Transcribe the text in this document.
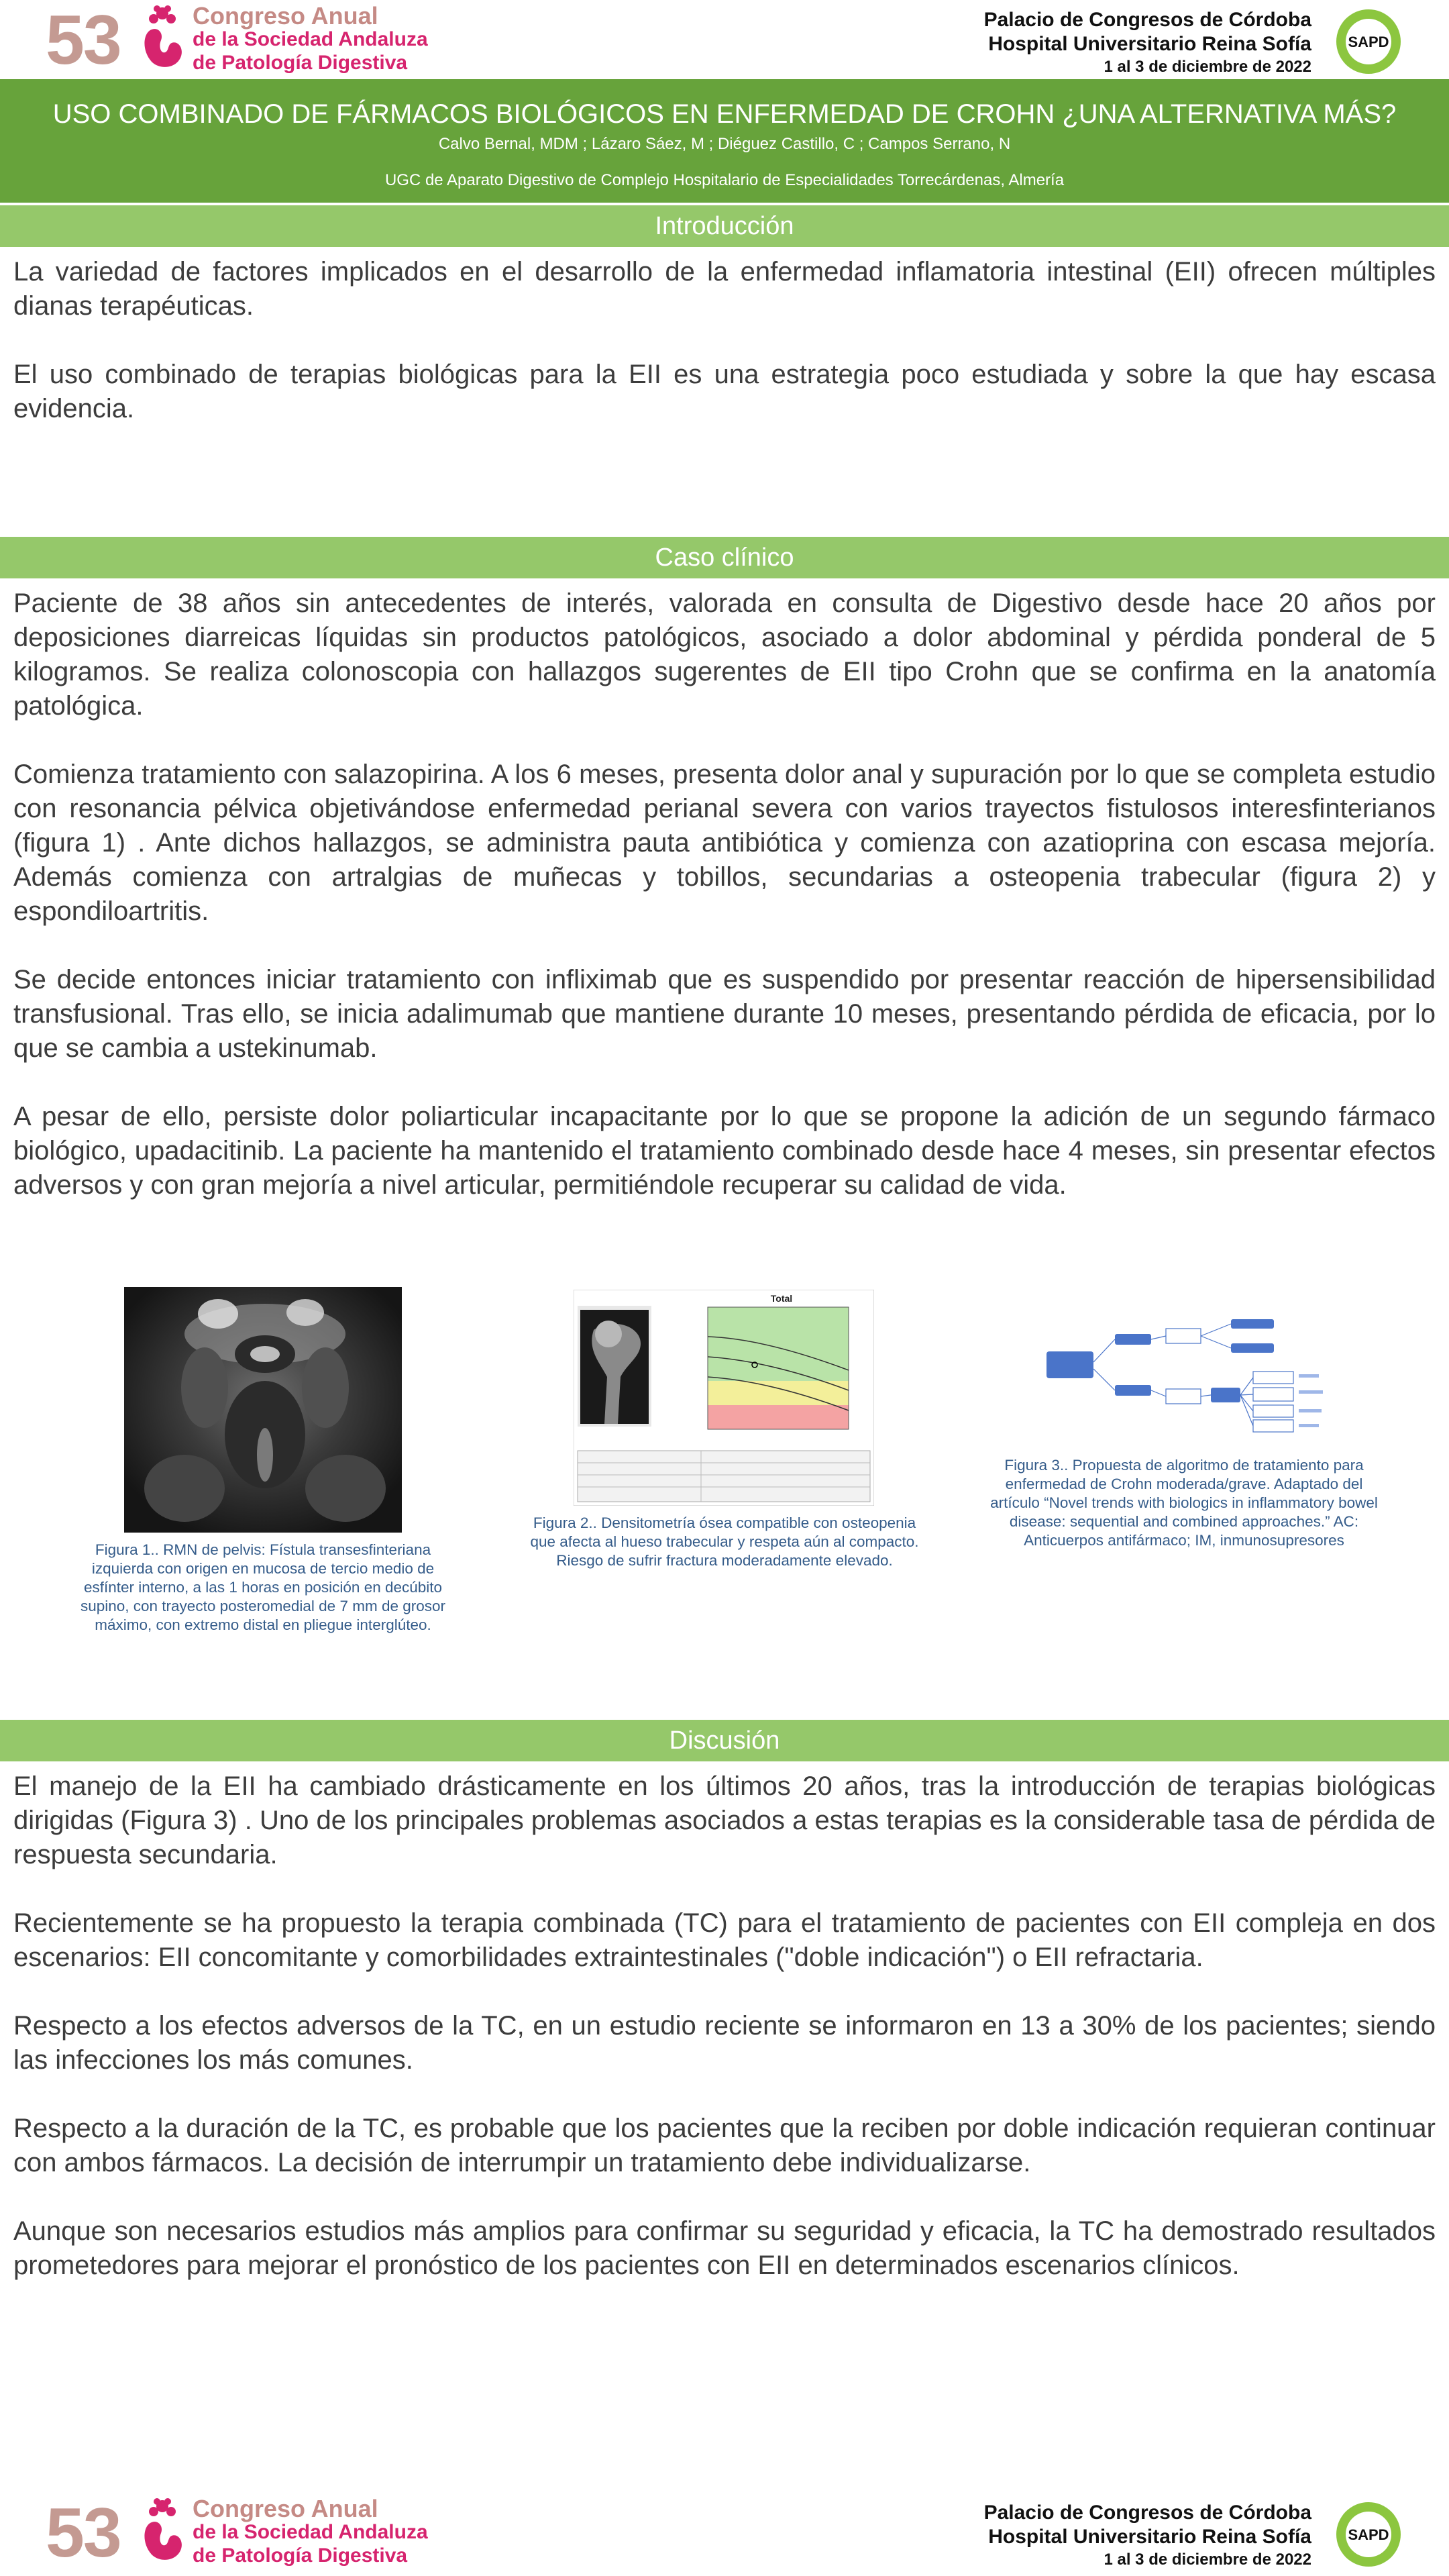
53	Congreso Anual
de la Sociedad Andaluza
de Patología Digestiva
Palacio de Congresos de Córdoba
Hospital Universitario Reina Sofía
1 al 3 de diciembre de 2022
SAPD
USO COMBINADO DE FÁRMACOS BIOLÓGICOS EN ENFERMEDAD DE CROHN ¿UNA ALTERNATIVA MÁS?
Calvo Bernal, MDM ; Lázaro Sáez, M ; Diéguez Castillo, C ; Campos Serrano, N
UGC de Aparato Digestivo de Complejo Hospitalario de Especialidades Torrecárdenas, Almería
Introducción

La variedad de factores implicados en el desarrollo de la enfermedad inflamatoria intestinal (EII) ofrecen múltiples dianas terapéuticas.

El uso combinado de terapias biológicas para la EII es una estrategia poco estudiada y sobre la que hay escasa evidencia.

Caso clínico

Paciente de 38 años sin antecedentes de interés, valorada en consulta de Digestivo desde hace 20 años por deposiciones diarreicas líquidas sin productos patológicos, asociado a dolor abdominal y pérdida ponderal de 5 kilogramos. Se realiza colonoscopia con hallazgos sugerentes de EII tipo Crohn que se confirma en la anatomía patológica.

Comienza tratamiento con salazopirina. A los 6 meses, presenta dolor anal y supuración por lo que se completa estudio con resonancia pélvica objetivándose enfermedad perianal severa con varios trayectos fistulosos interesfinterianos (figura 1) . Ante dichos hallazgos, se administra pauta antibiótica y comienza con azatioprina con escasa mejoría. Además comienza con artralgias de muñecas y tobillos, secundarias a osteopenia trabecular (figura 2) y espondiloartritis.

Se decide entonces iniciar tratamiento con infliximab que es suspendido por presentar reacción de hipersensibilidad transfusional. Tras ello, se inicia adalimumab que mantiene durante 10 meses, presentando pérdida de eficacia, por lo que se cambia a ustekinumab.

A pesar de ello, persiste dolor poliarticular incapacitante por lo que se propone la adición de un segundo fármaco biológico, upadacitinib. La paciente ha mantenido el tratamiento combinado desde hace 4 meses, sin presentar efectos adversos y con gran mejoría a nivel articular, permitiéndole recuperar su calidad de vida.

Figura 1.. RMN de pelvis: Fístula transesfinteriana izquierda con origen en mucosa de tercio medio de esfínter interno, a las 1 horas en posición en decúbito supino, con trayecto posteromedial de 7 mm de grosor máximo, con extremo distal en pliegue interglúteo.
Total
Figura 2.. Densitometría ósea compatible con osteopenia que afecta al hueso trabecular y respeta aún al compacto. Riesgo de sufrir fractura moderadamente elevado.
Figura 3.. Propuesta de algoritmo de tratamiento para enfermedad de Crohn moderada/grave. Adaptado del artículo “Novel trends with biologics in inflammatory bowel disease: sequential and combined approaches.” AC: Anticuerpos antifármaco; IM, inmunosupresores
Discusión

El manejo de la EII ha cambiado drásticamente en los últimos 20 años, tras la introducción de terapias biológicas dirigidas (Figura 3) . Uno de los principales problemas asociados a estas terapias es la considerable tasa de pérdida de respuesta secundaria.

Recientemente se ha propuesto la terapia combinada (TC) para el tratamiento de pacientes con EII compleja en dos escenarios: EII concomitante y comorbilidades extraintestinales ("doble indicación") o EII refractaria.

Respecto a los efectos adversos de la TC, en un estudio reciente se informaron en 13 a 30% de los pacientes; siendo las infecciones los más comunes.

Respecto a la duración de la TC, es probable que los pacientes que la reciben por doble indicación requieran continuar con ambos fármacos. La decisión de interrumpir un tratamiento debe individualizarse.

Aunque son necesarios estudios más amplios para confirmar su seguridad y eficacia, la TC ha demostrado resultados prometedores para mejorar el pronóstico de los pacientes con EII en determinados escenarios clínicos.

53	Congreso Anual
de la Sociedad Andaluza
de Patología Digestiva
Palacio de Congresos de Córdoba
Hospital Universitario Reina Sofía
1 al 3 de diciembre de 2022
SAPD
